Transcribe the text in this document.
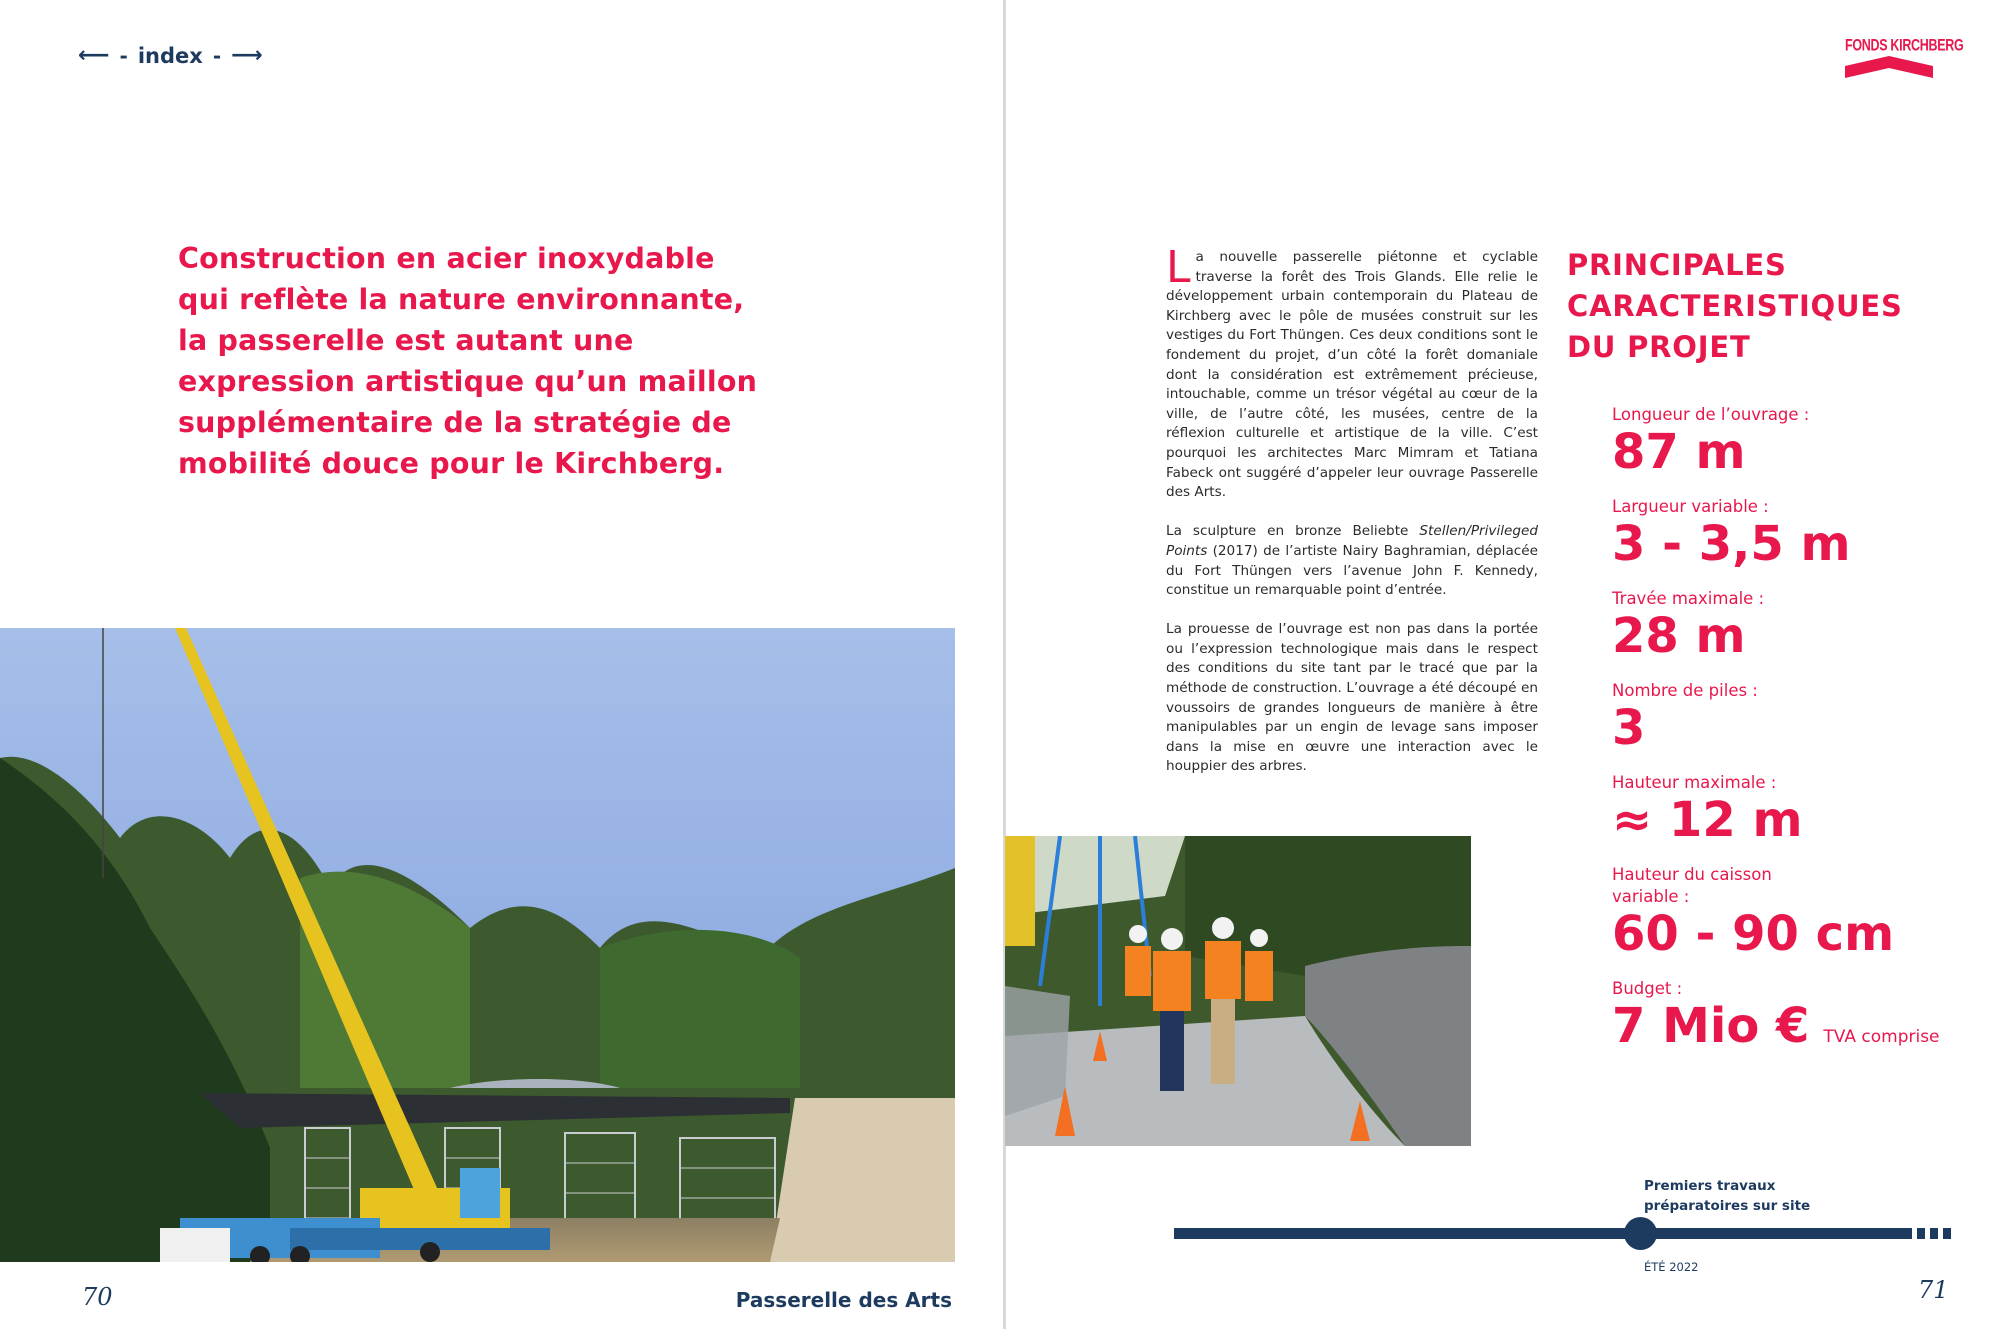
⟵ - index - ⟶
Construction en acier inoxydable
qui reflète la nature environnante,
la passerelle est autant une
expression artistique qu’un maillon
supplémentaire de la stratégie de
mobilité douce pour le Kirchberg.
70	Passerelle des Arts
FONDS KIRCHBERG

La nouvelle passerelle piétonne et cyclable traverse la forêt des Trois Glands. Elle relie le développement urbain contemporain du Plateau de Kirchberg avec le pôle de musées construit sur les vestiges du Fort Thüngen. Ces deux conditions sont le fondement du projet, d’un côté la forêt domaniale dont la considération est extrêmement précieuse, intouchable, comme un trésor végétal au cœur de la ville, de l’autre côté, les musées, centre de la réflexion culturelle et artistique de la ville. C’est pourquoi les architectes Marc Mimram et Tatiana Fabeck ont suggéré d’appeler leur ouvrage Passerelle des Arts.

La sculpture en bronze Beliebte Stellen/Privileged Points (2017) de l’artiste Nairy Baghramian, déplacée du Fort Thüngen vers l’avenue John F. Kennedy, constitue un remarquable point d’entrée.

La prouesse de l’ouvrage est non pas dans la portée ou l’expression technologique mais dans le respect des conditions du site tant par le tracé que par la méthode de construction. L’ouvrage a été découpé en voussoirs de grandes longueurs de manière à être manipulables par un engin de levage sans imposer dans la mise en œuvre une interaction avec le houppier des arbres.

PRINCIPALES
CARACTERISTIQUES
DU PROJET
Longueur de l’ouvrage :
87 m
Largueur variable :
3 - 3,5 m
Travée maximale :
28 m
Nombre de piles :
3
Hauteur maximale :
≈ 12 m
Hauteur du caisson variable :
60 - 90 cm
Budget :
7 Mio € TVA comprise
Premiers travaux
préparatoires sur site
ÉTÉ 2022
71
